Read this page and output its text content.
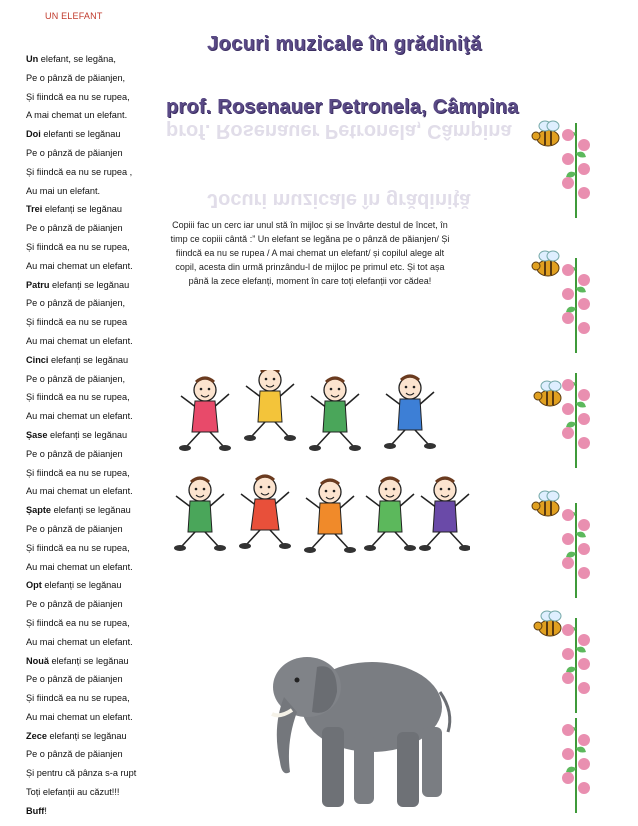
UN ELEFANT
Un elefant, se legăna,
Pe o pânză de păianjen,
Și fiindcă ea nu se rupea,
A mai chemat un elefant.
Doi elefanti se legănau
Pe o pânză de păianjen
Și fiindcă ea nu se rupea ,
Au mai un elefant.
Trei elefanți se legănau
Pe o pânză de păianjen
Și fiindcă ea nu se rupea,
Au mai chemat un elefant.
Patru elefanți se legănau
Pe o pânză de păianjen,
Și fiindcă ea nu se rupea
Au mai chemat un elefant.
Cinci elefanți se legănau
Pe o pânză de păianjen,
Și fiindcă ea nu se rupea,
Au mai chemat un elefant.
Șase elefanți se legănau
Pe o pânză de păianjen
Și fiindcă ea nu se rupea,
Au mai chemat un elefant.
Șapte elefanți se legănau
Pe o pânză de păianjen
Și fiindcă ea nu se rupea,
Au mai chemat un elefant.
Opt elefanți se legănau
Pe o pânză de păianjen
Și fiindcă ea nu se rupea,
Au mai chemat un elefant.
Nouă elefanți se legănau
Pe o pânză de păianjen
Și fiindcă ea nu se rupea,
Au mai chemat un elefant.
Zece elefanți se legănau
Pe o pânză de păianjen
Și pentru că pânza s-a rupt
Toți elefanții au căzut!!!
Buff!
Jocuri muzicale în grădiniţă
prof. Rosenauer Petronela, Câmpina
prof. Rosenauer Petronela, Câmpina
Jocuri muzicale în grădiniţă
Copiii fac un cerc iar unul stă în mijloc și se învârte destul de încet, în timp ce copiii cântă :” Un elefant se legăna pe o pânză de păianjen/ Și fiindcă ea nu se rupea / A mai chemat un elefant/ și copilul alege alt copil, acesta din urmă prinzându-l de mijloc pe primul etc. Și tot așa până la zece elefanți, moment în care toți elefanții vor cădea!
